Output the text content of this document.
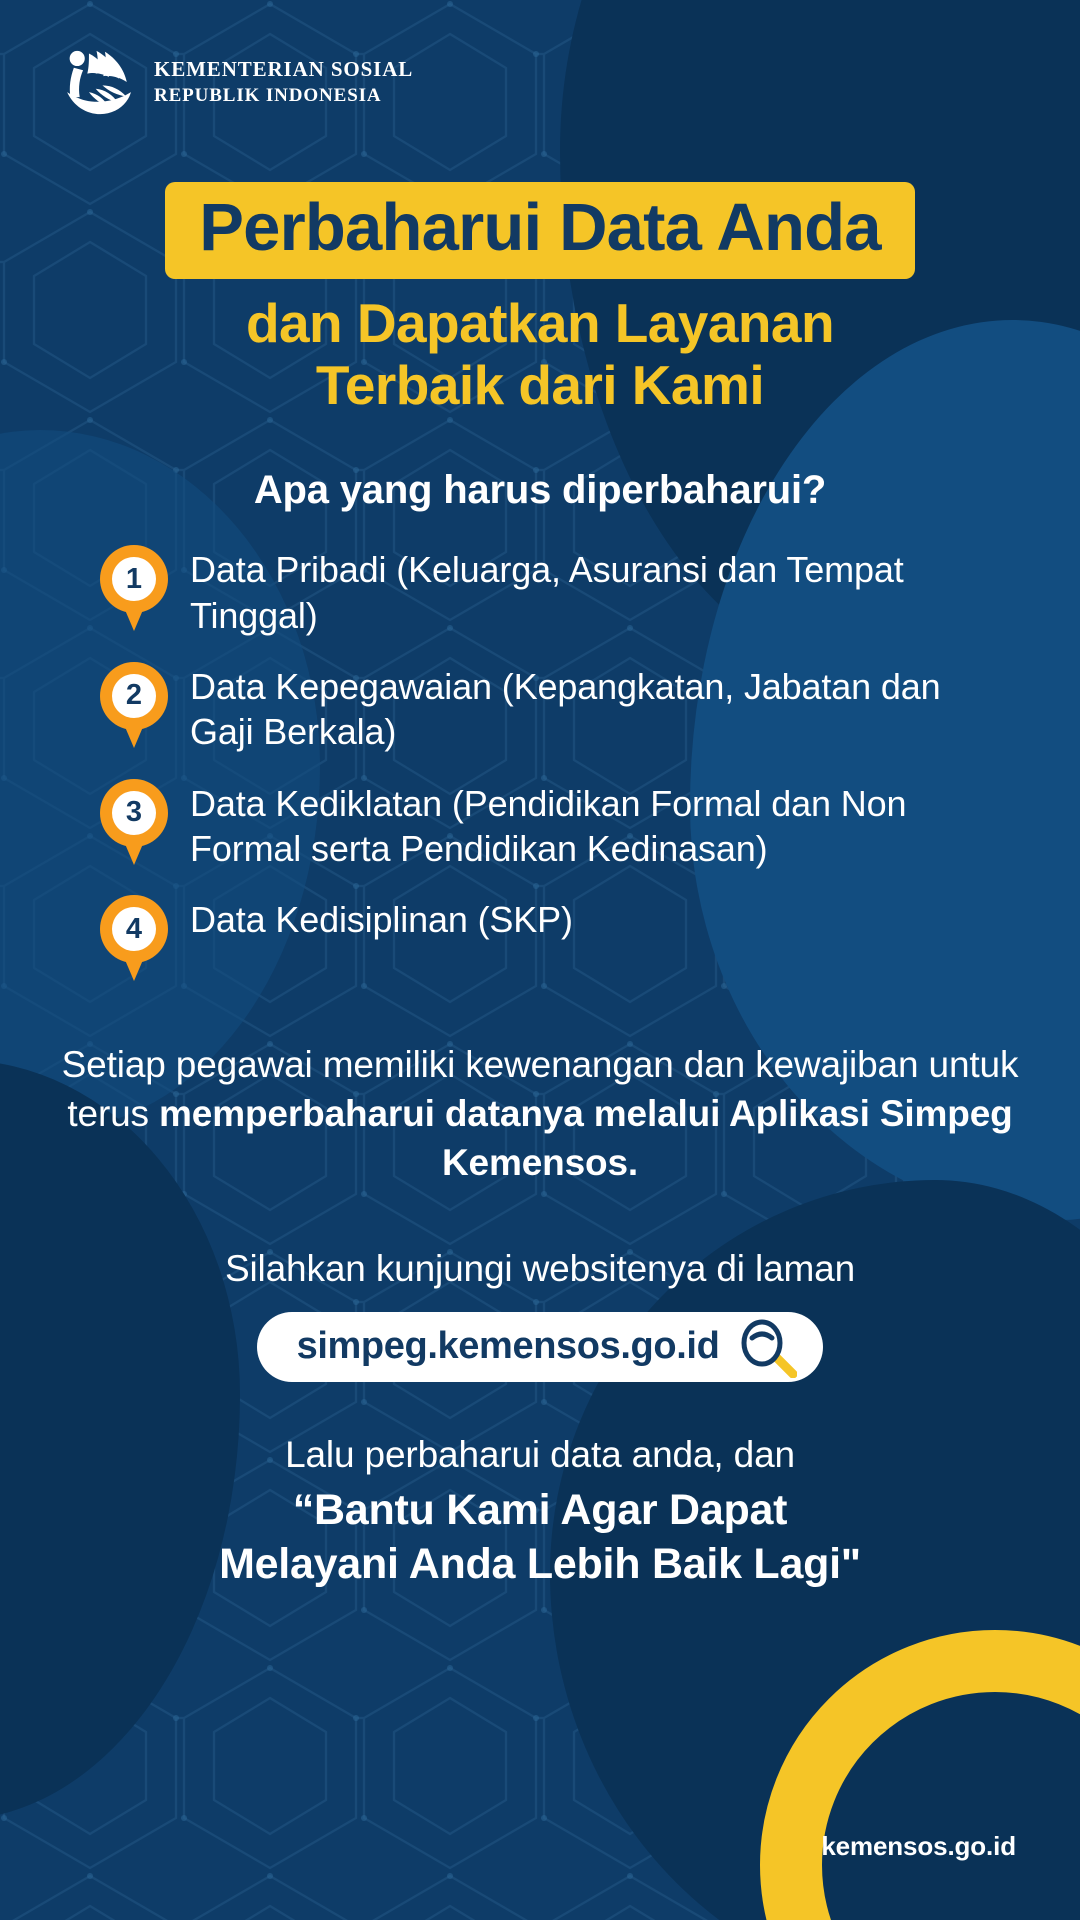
KEMENTERIAN SOSIAL
REPUBLIK INDONESIA
Perbaharui Data Anda
dan Dapatkan Layanan
Terbaik dari Kami
Apa yang harus diperbaharui?
1	Data Pribadi (Keluarga, Asuransi dan Tempat Tinggal)
2	Data Kepegawaian (Kepangkatan, Jabatan dan Gaji Berkala)
3	Data Kediklatan (Pendidikan Formal dan Non Formal serta Pendidikan Kedinasan)
4	Data Kedisiplinan (SKP)
Setiap pegawai memiliki kewenangan dan kewajiban untuk terus memperbaharui datanya melalui Aplikasi Simpeg Kemensos.
Silahkan kunjungi websitenya di laman
simpeg.kemensos.go.id
Lalu perbaharui data anda, dan
“Bantu Kami Agar Dapat
Melayani Anda Lebih Baik Lagi"
kemensos.go.id
